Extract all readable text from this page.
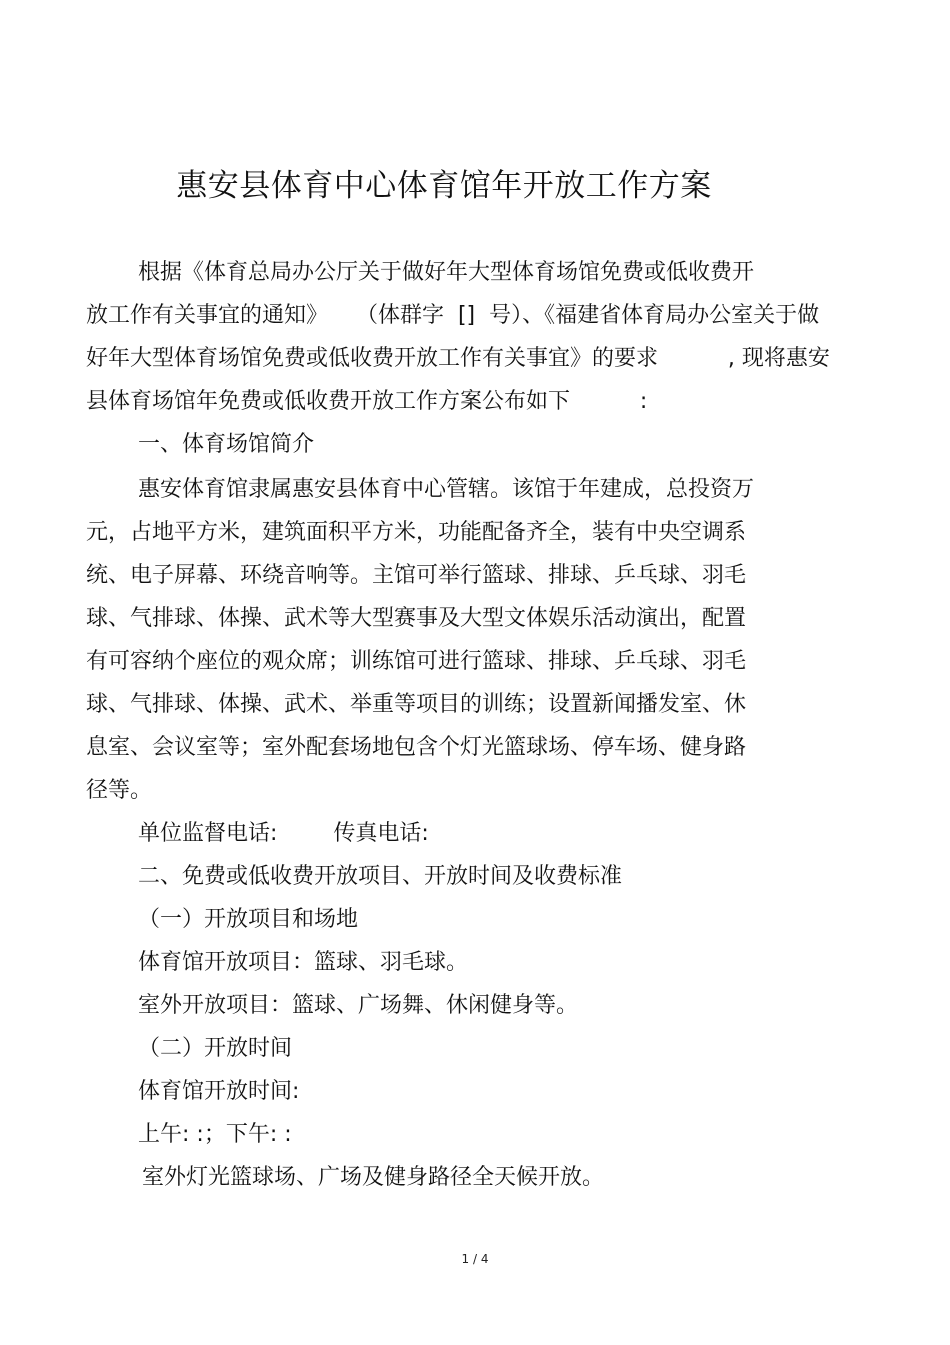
惠安县体育中心体育馆年开放工作方案

根据《体育总局办公厅关于做好年大型体育场馆免费或低收费开

放工作有关事宜的通知》    （体群字  []  号）、《福建省体育局办公室关于做

好年大型体育场馆免费或低收费开放工作有关事宜》的要求          , 现将惠安

县体育场馆年免费或低收费开放工作方案公布如下          :

一、体育场馆简介

惠安体育馆隶属惠安县体育中心管辖。该馆于年建成，总投资万

元，占地平方米，建筑面积平方米，功能配备齐全，装有中央空调系

统、电子屏幕、环绕音响等。主馆可举行篮球、排球、乒乓球、羽毛

球、气排球、体操、武术等大型赛事及大型文体娱乐活动演出，配置

有可容纳个座位的观众席；训练馆可进行篮球、排球、乒乓球、羽毛

球、气排球、体操、武术、举重等项目的训练；设置新闻播发室、休

息室、会议室等；室外配套场地包含个灯光篮球场、停车场、健身路

径等。

单位监督电话:        传真电话:

二、免费或低收费开放项目、开放时间及收费标准

（一）开放项目和场地

体育馆开放项目：篮球、羽毛球。

室外开放项目：篮球、广场舞、休闲健身等。

（二）开放时间

体育馆开放时间:

上午: :；下午: :

室外灯光篮球场、广场及健身路径全天候开放。

1 / 4
